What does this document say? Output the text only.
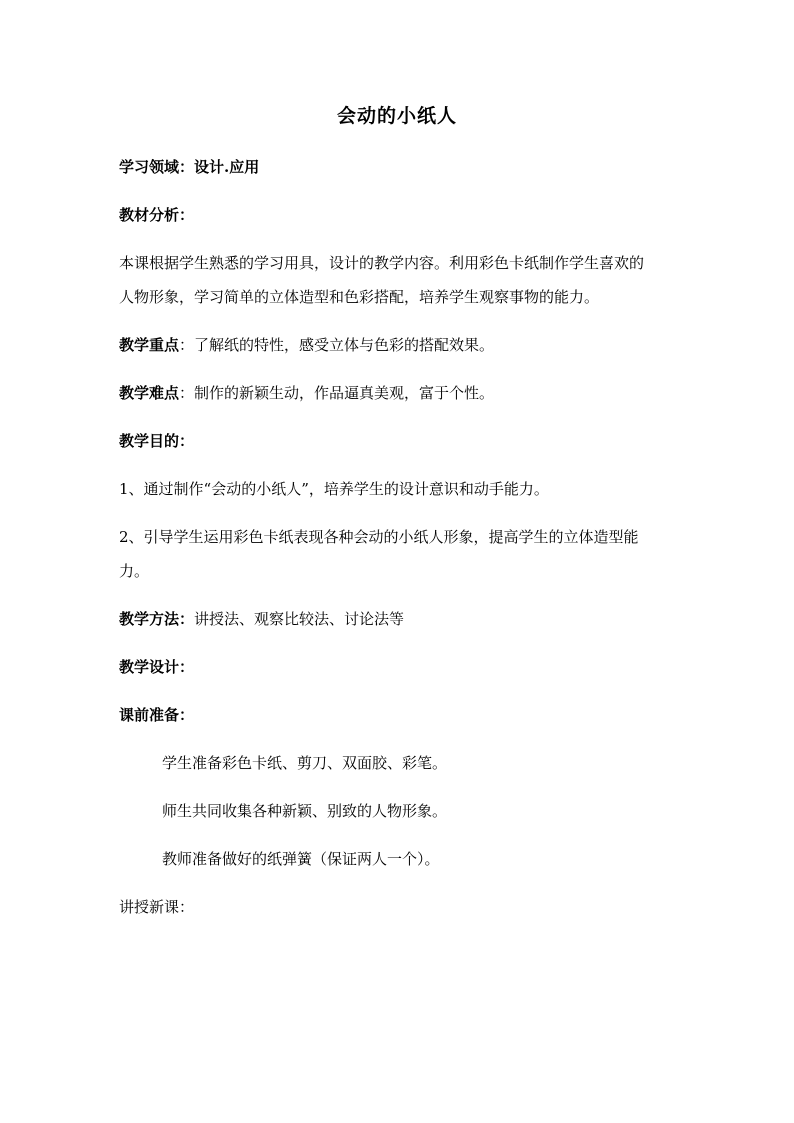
会动的小纸人
学习领域：设计.应用
教材分析：
本课根据学生熟悉的学习用具，设计的教学内容。利用彩色卡纸制作学生喜欢的
人物形象，学习简单的立体造型和色彩搭配，培养学生观察事物的能力。
教学重点：了解纸的特性，感受立体与色彩的搭配效果。
教学难点：制作的新颖生动，作品逼真美观，富于个性。
教学目的：
1、通过制作“会动的小纸人”，培养学生的设计意识和动手能力。
2、引导学生运用彩色卡纸表现各种会动的小纸人形象，提高学生的立体造型能
力。
教学方法：讲授法、观察比较法、讨论法等
教学设计：
课前准备：
学生准备彩色卡纸、剪刀、双面胶、彩笔。
师生共同收集各种新颖、别致的人物形象。
教师准备做好的纸弹簧（保证两人一个）。
讲授新课：
